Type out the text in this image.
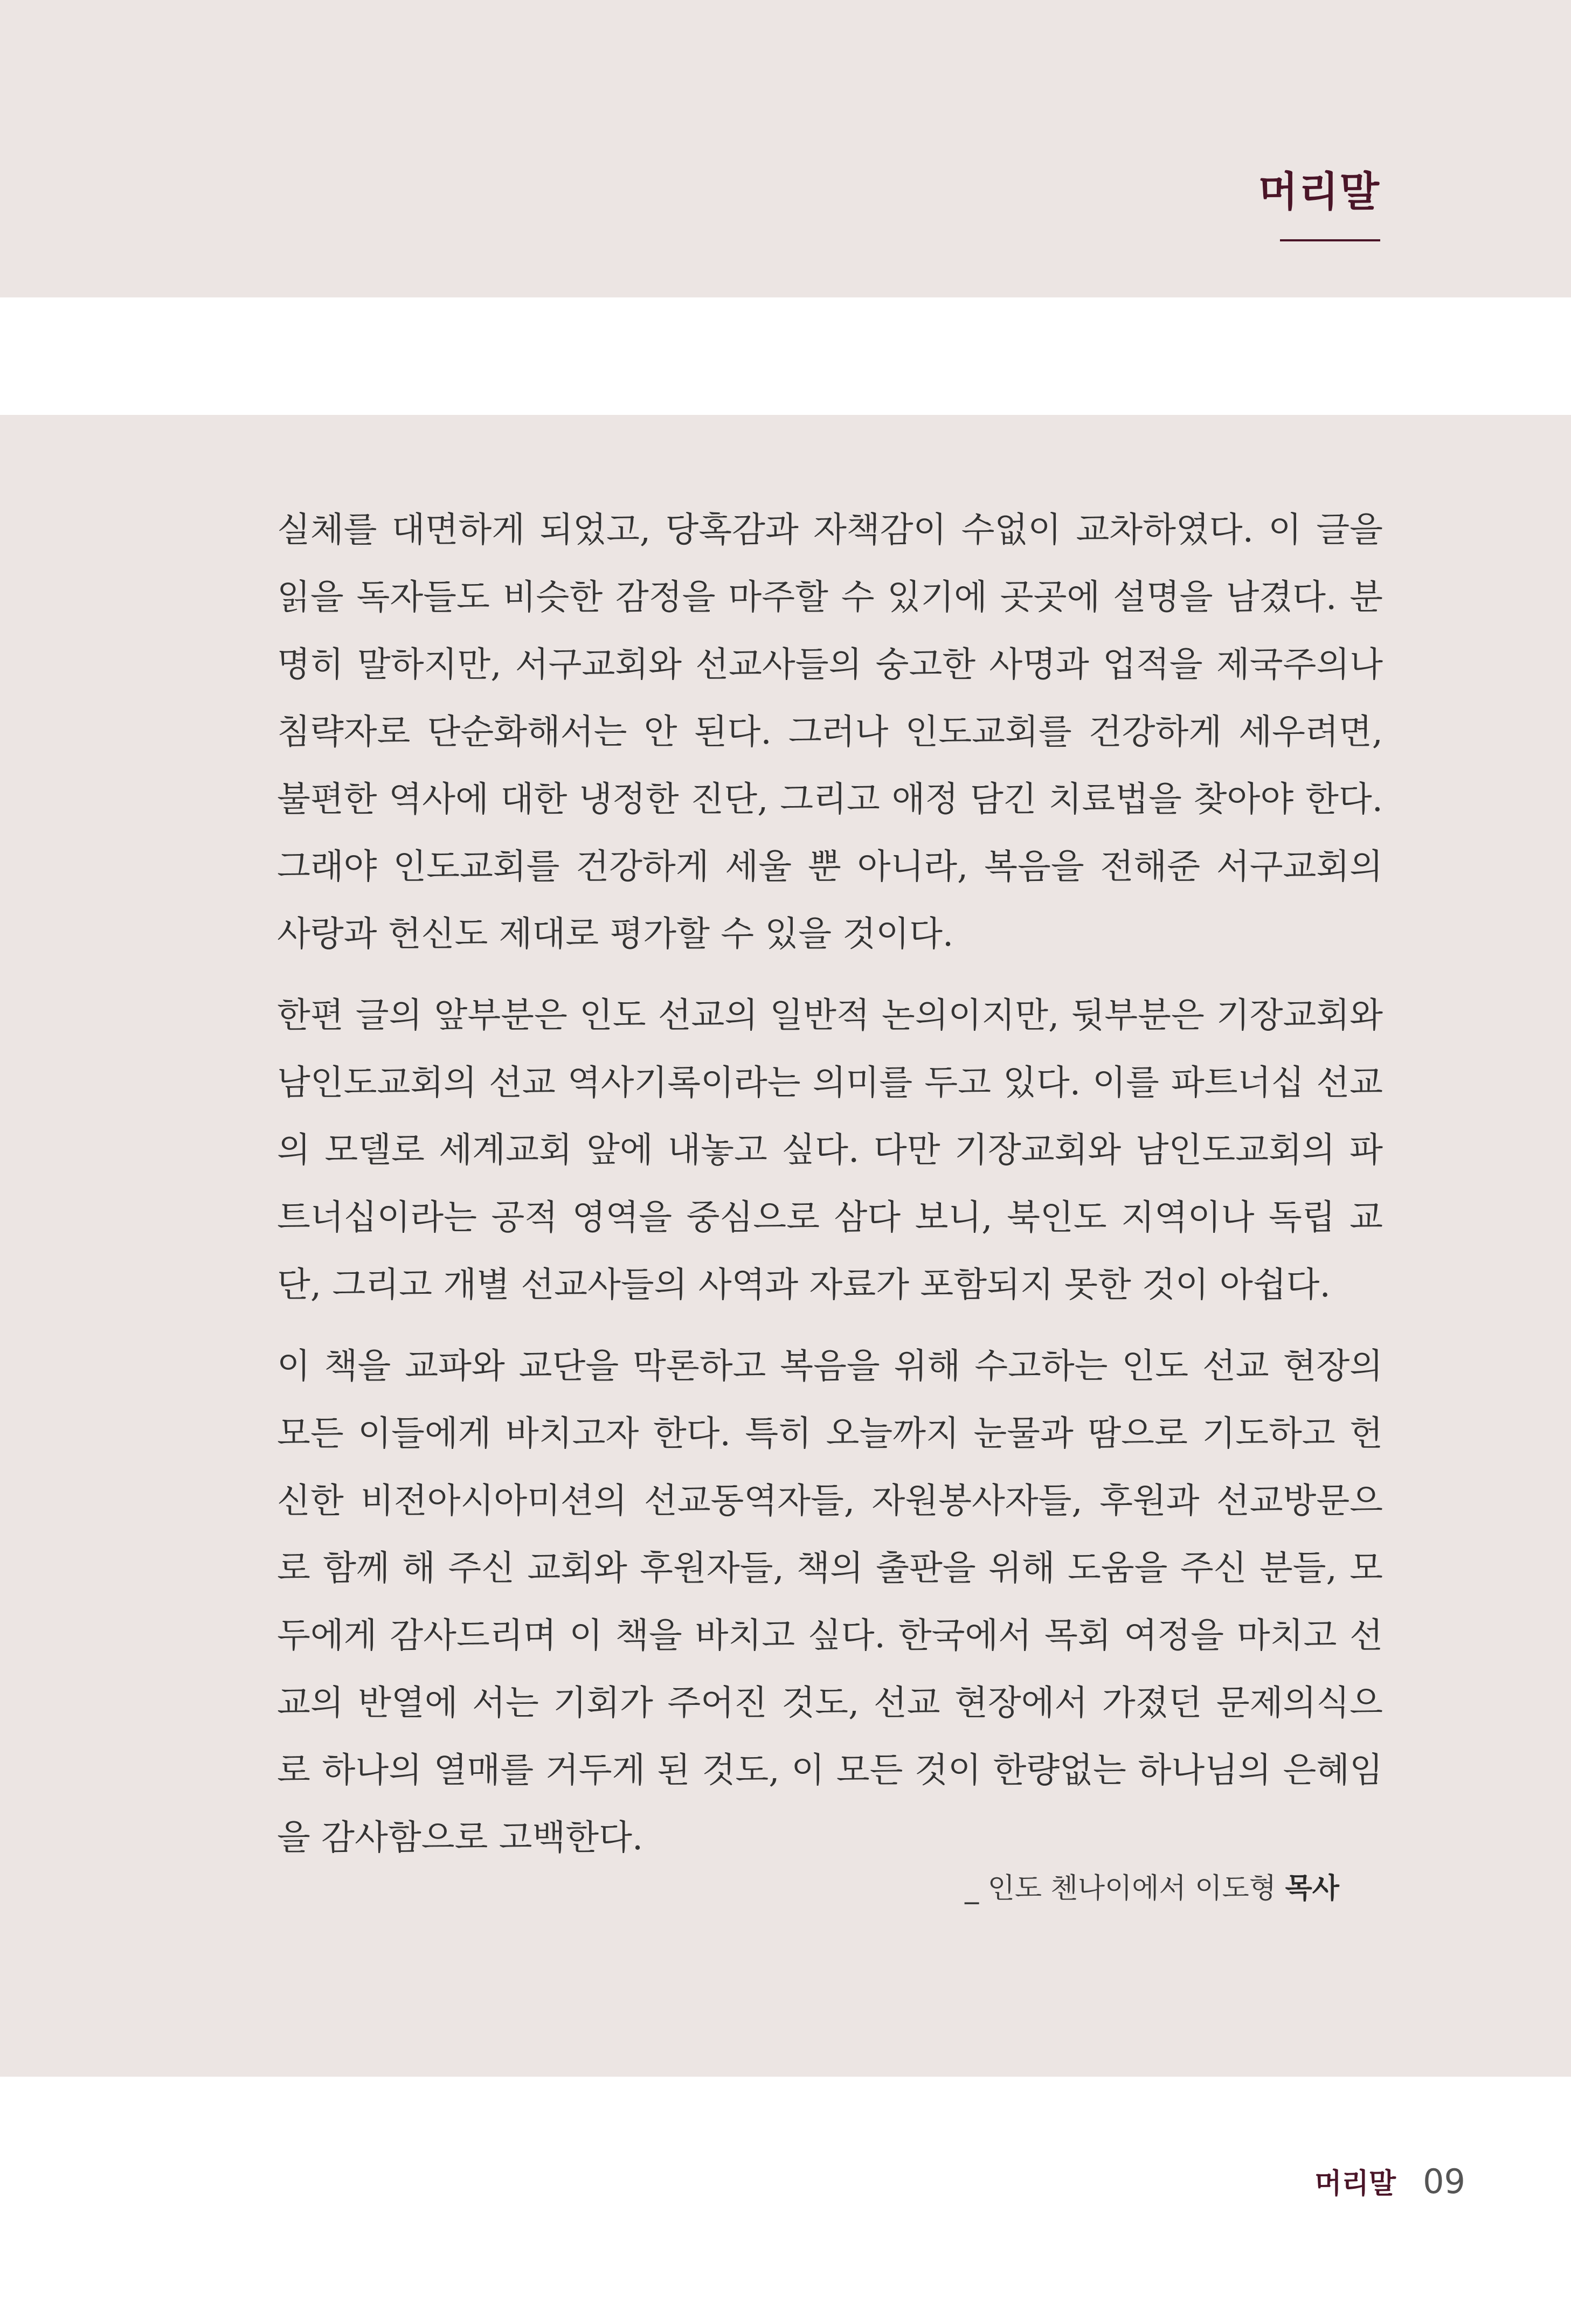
머리말

실체를 대면하게 되었고, 당혹감과 자책감이 수없이 교차하였다. 이 글을 읽을 독자들도 비슷한 감정을 마주할 수 있기에 곳곳에 설명을 남겼다. 분명히 말하지만, 서구교회와 선교사들의 숭고한 사명과 업적을 제국주의나 침략자로 단순화해서는 안 된다. 그러나 인도교회를 건강하게 세우려면, 불편한 역사에 대한 냉정한 진단, 그리고 애정 담긴 치료법을 찾아야 한다. 그래야 인도교회를 건강하게 세울 뿐 아니라, 복음을 전해준 서구교회의 사랑과 헌신도 제대로 평가할 수 있을 것이다.

한편 글의 앞부분은 인도 선교의 일반적 논의이지만, 뒷부분은 기장교회와 남인도교회의 선교 역사기록이라는 의미를 두고 있다. 이를 파트너십 선교의 모델로 세계교회 앞에 내놓고 싶다. 다만 기장교회와 남인도교회의 파트너십이라는 공적 영역을 중심으로 삼다 보니, 북인도 지역이나 독립 교단, 그리고 개별 선교사들의 사역과 자료가 포함되지 못한 것이 아쉽다.

이 책을 교파와 교단을 막론하고 복음을 위해 수고하는 인도 선교 현장의 모든 이들에게 바치고자 한다. 특히 오늘까지 눈물과 땀으로 기도하고 헌신한 비전아시아미션의 선교동역자들, 자원봉사자들, 후원과 선교방문으로 함께 해 주신 교회와 후원자들, 책의 출판을 위해 도움을 주신 분들, 모두에게 감사드리며 이 책을 바치고 싶다. 한국에서 목회 여정을 마치고 선교의 반열에 서는 기회가 주어진 것도, 선교 현장에서 가졌던 문제의식으로 하나의 열매를 거두게 된 것도, 이 모든 것이 한량없는 하나님의 은혜임을 감사함으로 고백한다.

_ 인도 첸나이에서 이도형 목사
머리말 09
